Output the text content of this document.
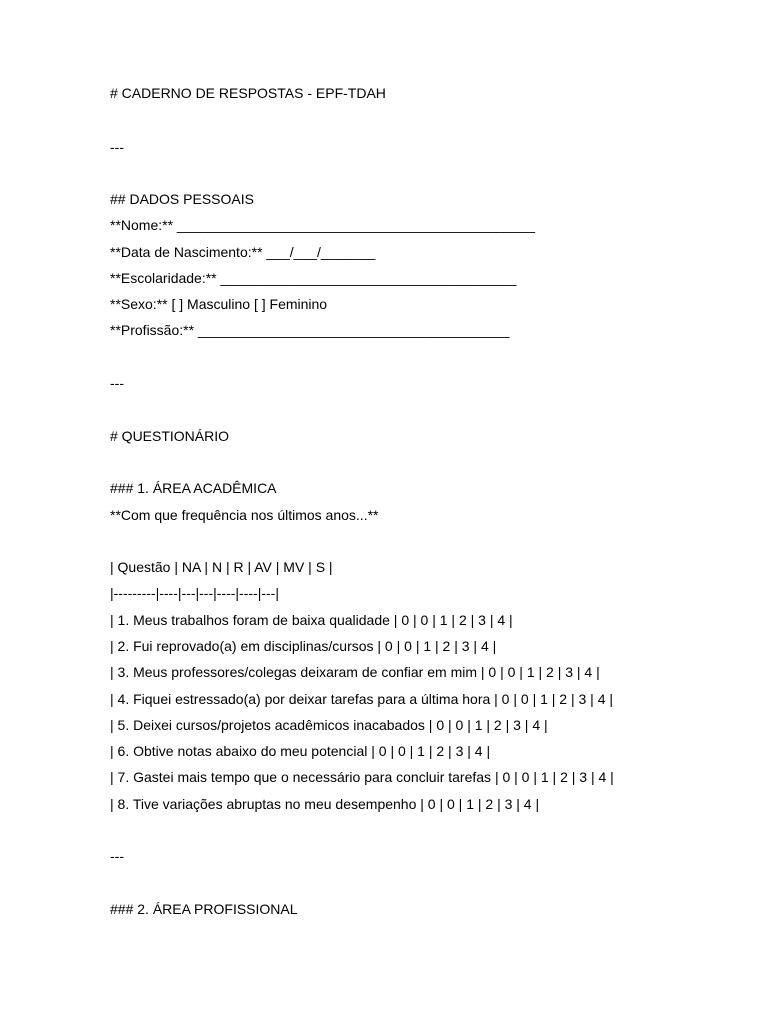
# CADERNO DE RESPOSTAS - EPF-TDAH
---
## DADOS PESSOAIS
**Nome:** ______________________________________________
**Data de Nascimento:** ___/___/_______
**Escolaridade:** ______________________________________
**Sexo:** [ ] Masculino [ ] Feminino
**Profissão:** ________________________________________
---
# QUESTIONÁRIO
### 1. ÁREA ACADÊMICA
**Com que frequência nos últimos anos...**
| Questão | NA | N | R | AV | MV | S |
|---------|----|---|---|----|----|---|
| 1. Meus trabalhos foram de baixa qualidade | 0 | 0 | 1 | 2 | 3 | 4 |
| 2. Fui reprovado(a) em disciplinas/cursos | 0 | 0 | 1 | 2 | 3 | 4 |
| 3. Meus professores/colegas deixaram de confiar em mim | 0 | 0 | 1 | 2 | 3 | 4 |
| 4. Fiquei estressado(a) por deixar tarefas para a última hora | 0 | 0 | 1 | 2 | 3 | 4 |
| 5. Deixei cursos/projetos acadêmicos inacabados | 0 | 0 | 1 | 2 | 3 | 4 |
| 6. Obtive notas abaixo do meu potencial | 0 | 0 | 1 | 2 | 3 | 4 |
| 7. Gastei mais tempo que o necessário para concluir tarefas | 0 | 0 | 1 | 2 | 3 | 4 |
| 8. Tive variações abruptas no meu desempenho | 0 | 0 | 1 | 2 | 3 | 4 |
---
### 2. ÁREA PROFISSIONAL
